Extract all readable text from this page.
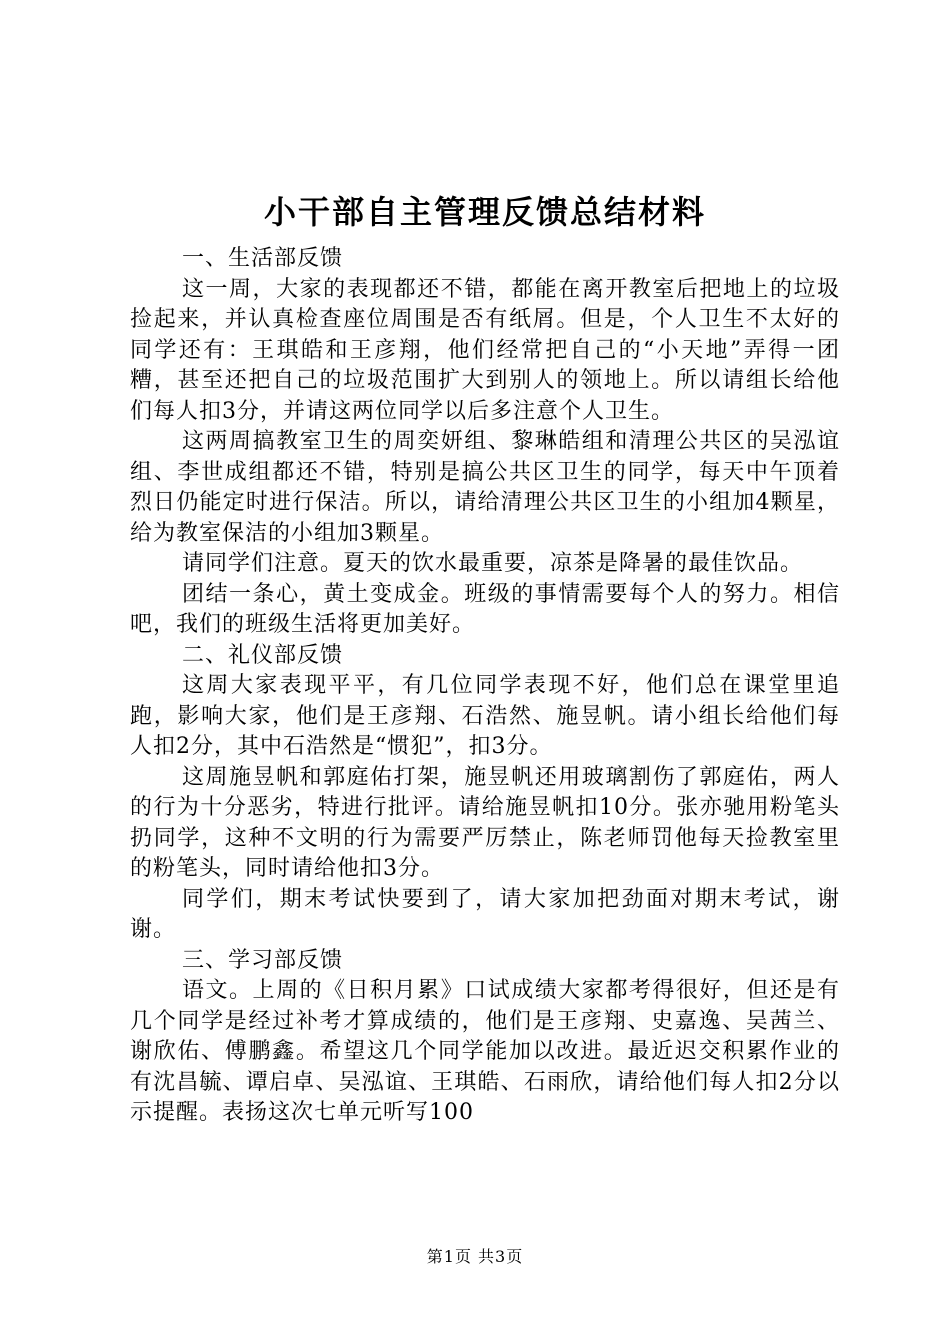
小干部自主管理反馈总结材料
一、生活部反馈
这一周，大家的表现都还不错，都能在离开教室后把地上的垃圾捡起来，并认真检查座位周围是否有纸屑。但是，个人卫生不太好的同学还有：王琪皓和王彦翔，他们经常把自己的“小天地”弄得一团糟，甚至还把自己的垃圾范围扩大到别人的领地上。所以请组长给他们每人扣3分，并请这两位同学以后多注意个人卫生。
这两周搞教室卫生的周奕妍组、黎琳皓组和清理公共区的吴泓谊组、李世成组都还不错，特别是搞公共区卫生的同学，每天中午顶着烈日仍能定时进行保洁。所以，请给清理公共区卫生的小组加4颗星，给为教室保洁的小组加3颗星。
请同学们注意。夏天的饮水最重要，凉茶是降暑的最佳饮品。
团结一条心，黄土变成金。班级的事情需要每个人的努力。相信吧，我们的班级生活将更加美好。
二、礼仪部反馈
这周大家表现平平，有几位同学表现不好，他们总在课堂里追跑，影响大家，他们是王彦翔、石浩然、施昱帆。请小组长给他们每人扣2分，其中石浩然是“惯犯”，扣3分。
这周施昱帆和郭庭佑打架，施昱帆还用玻璃割伤了郭庭佑，两人的行为十分恶劣，特进行批评。请给施昱帆扣10分。张亦驰用粉笔头扔同学，这种不文明的行为需要严厉禁止，陈老师罚他每天捡教室里的粉笔头，同时请给他扣3分。
同学们，期末考试快要到了，请大家加把劲面对期末考试，谢谢。
三、学习部反馈
语文。上周的《日积月累》口试成绩大家都考得很好，但还是有几个同学是经过补考才算成绩的，他们是王彦翔、史嘉逸、吴茜兰、谢欣佑、傅鹏鑫。希望这几个同学能加以改进。最近迟交积累作业的有沈昌毓、谭启卓、吴泓谊、王琪皓、石雨欣，请给他们每人扣2分以示提醒。表扬这次七单元听写100
第1页 共3页
